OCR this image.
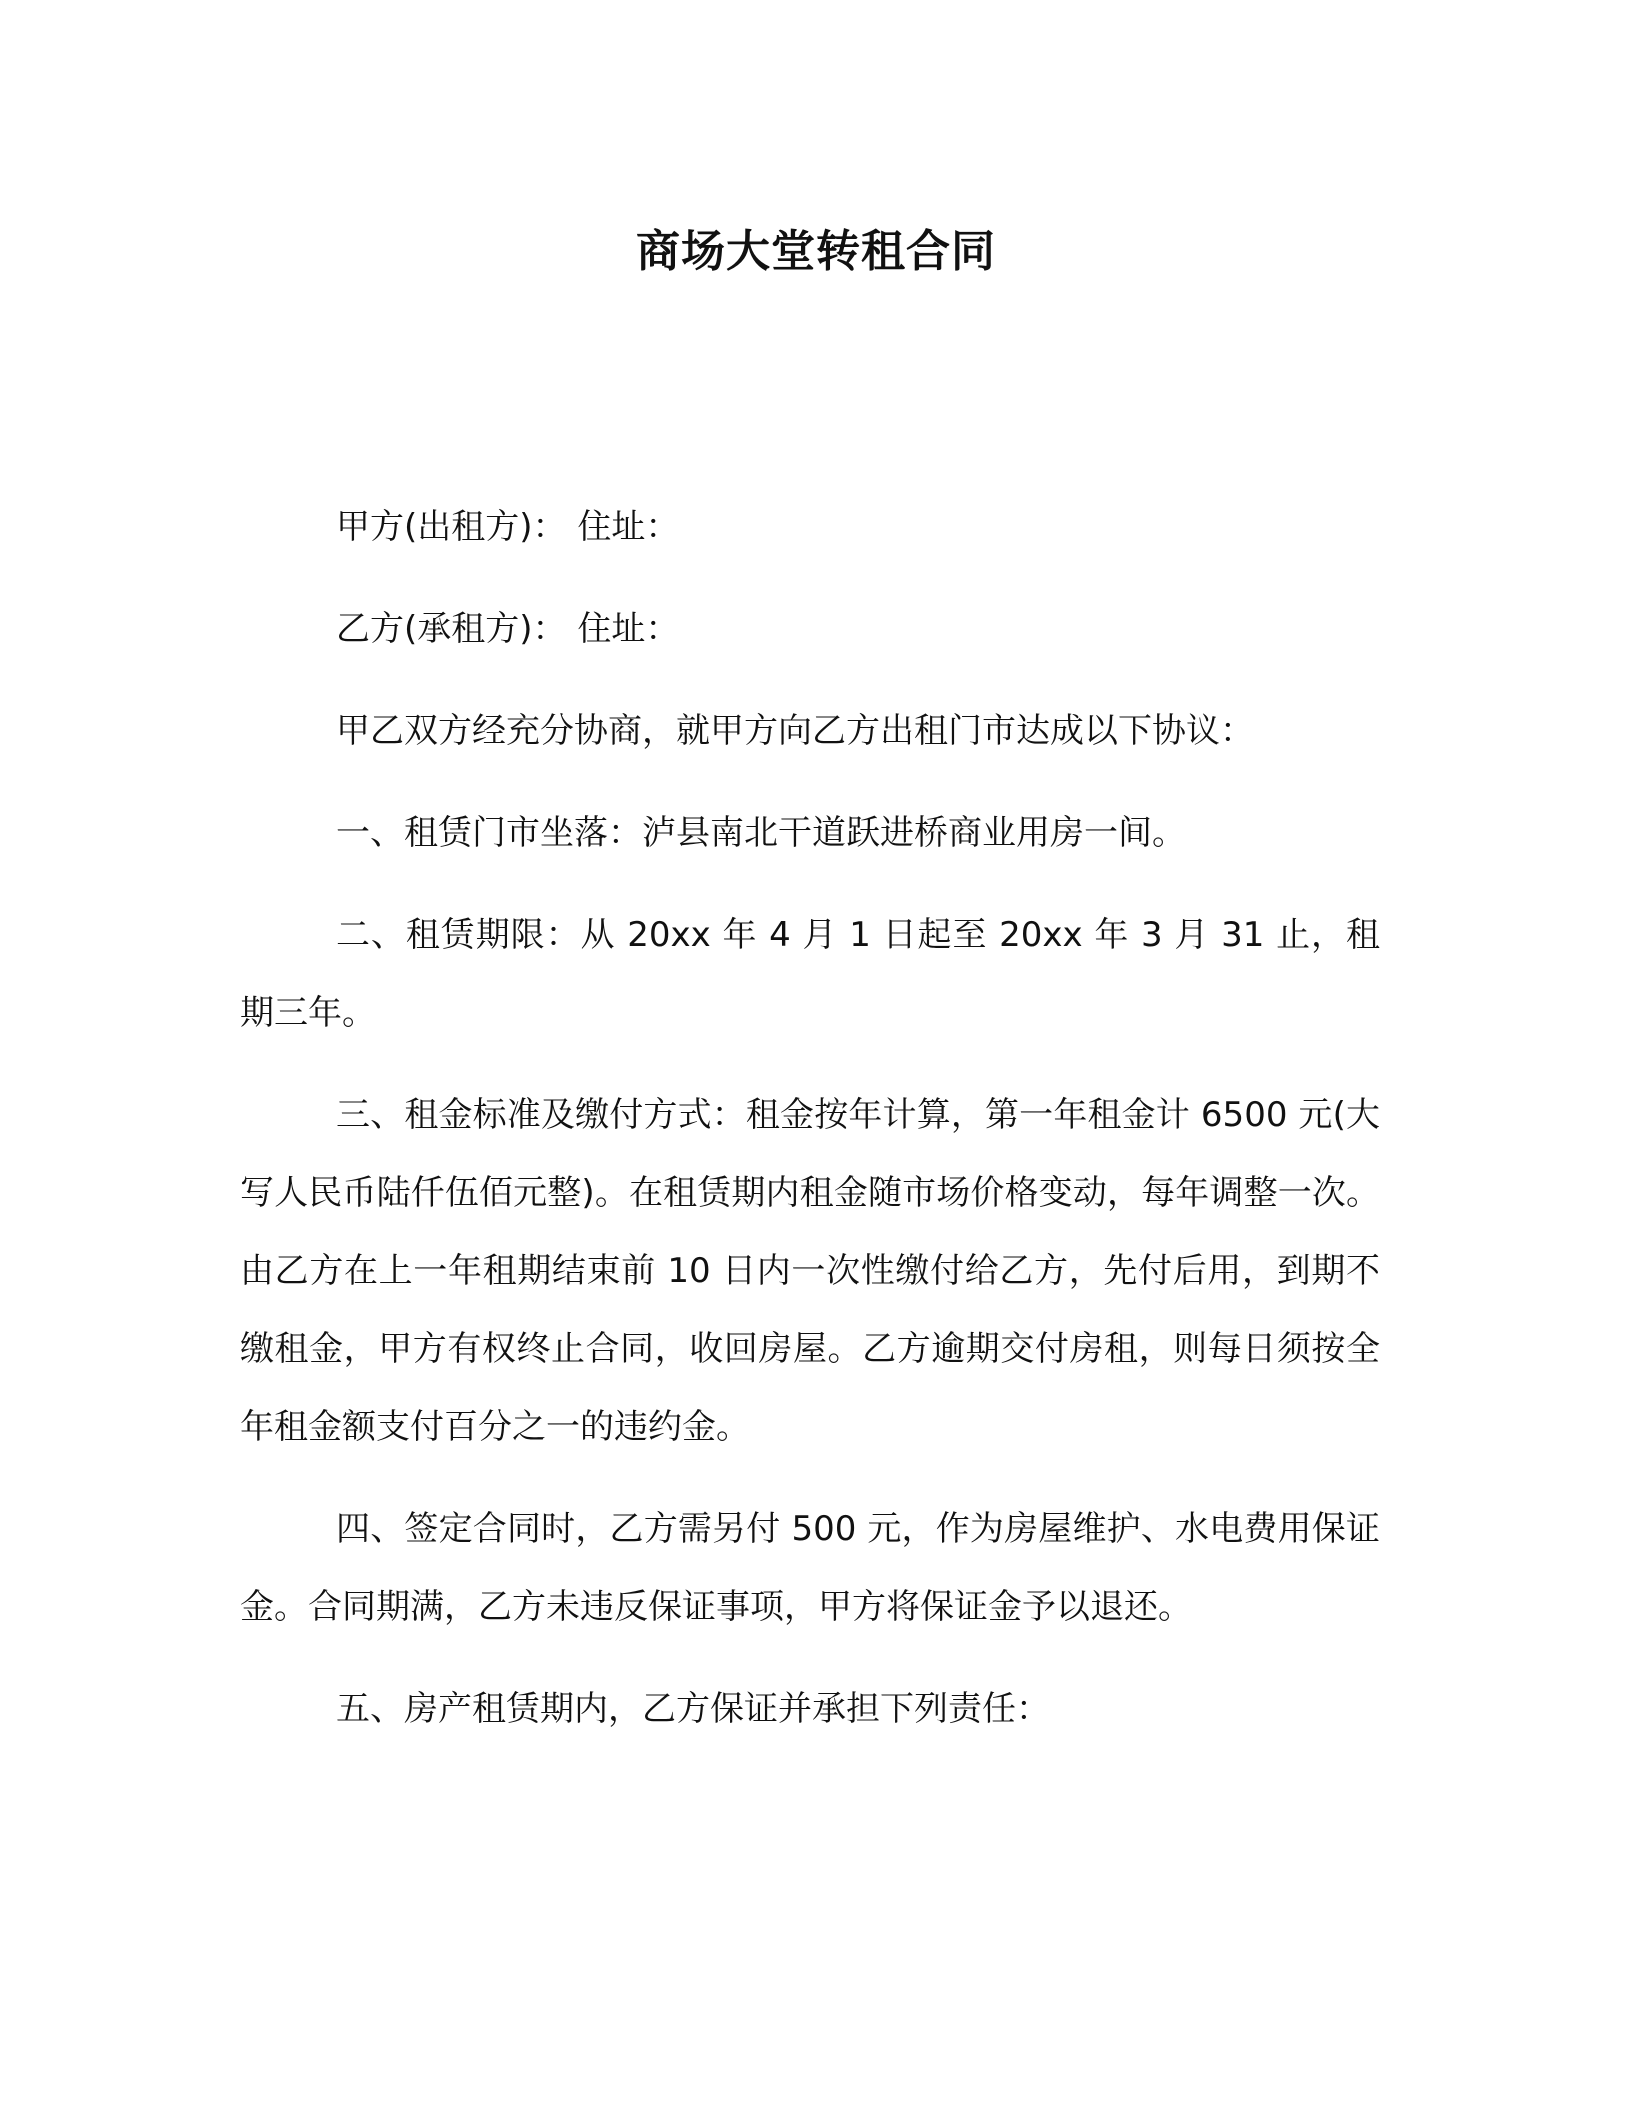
商场大堂转租合同

甲方(出租方)： 住址：

乙方(承租方)： 住址：

甲乙双方经充分协商，就甲方向乙方出租门市达成以下协议：

一、租赁门市坐落：泸县南北干道跃进桥商业用房一间。

二、租赁期限：从 20xx 年 4 月 1 日起至 20xx 年 3 月 31 止，租期三年。

三、租金标准及缴付方式：租金按年计算，第一年租金计 6500 元(大写人民币陆仟伍佰元整)。在租赁期内租金随市场价格变动，每年调整一次。由乙方在上一年租期结束前 10 日内一次性缴付给乙方，先付后用，到期不缴租金，甲方有权终止合同，收回房屋。乙方逾期交付房租，则每日须按全年租金额支付百分之一的违约金。

四、签定合同时，乙方需另付 500 元，作为房屋维护、水电费用保证金。合同期满，乙方未违反保证事项，甲方将保证金予以退还。

五、房产租赁期内，乙方保证并承担下列责任：
